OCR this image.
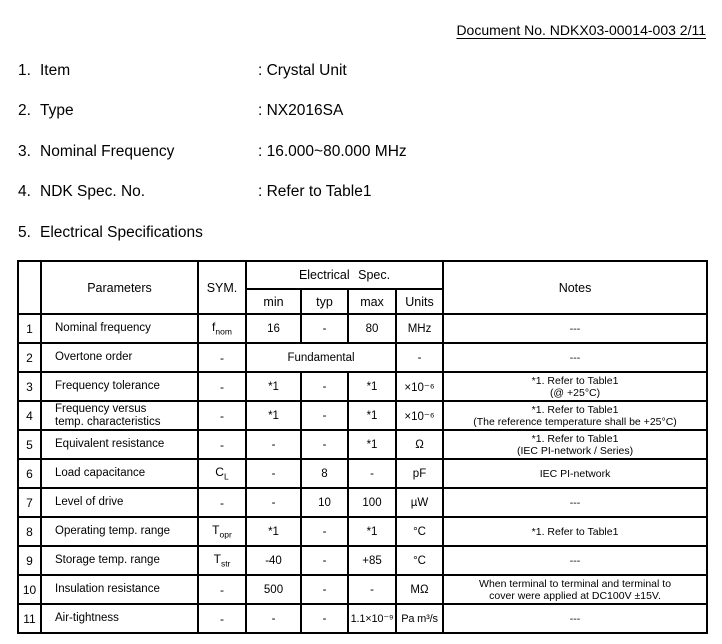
Document No. NDKX03-00014-003 2/11
1. Item	: Crystal Unit
2. Type	: NX2016SA
3. Nominal Frequency	: 16.000~80.000 MHz
4. NDK Spec. No.	: Refer to Table1
5. Electrical Specifications
	Parameters	SYM.	Electrical Spec.				Notes
			min	typ	max	Units	
1	Nominal frequency	$f_{nom}$	16	-	80	MHz	---

2	Overtone order	-	Fundamental			-	---

3	Frequency tolerance	-	*1	-	*1	×10⁻⁶	*1. Refer to Table1
(@ +25°C)

4	Frequency versus
temp. characteristics	-	*1	-	*1	×10⁻⁶	*1. Refer to Table1
(The reference temperature shall be +25°C)

5	Equivalent resistance	-	-	-	*1	Ω	*1. Refer to Table1
(IEC PI-network / Series)

6	Load capacitance	$C_L$	-	8	-	pF	IEC PI-network

7	Level of drive	-	-	10	100	µW	---

8	Operating temp. range	$T_{opr}$	*1	-	*1	°C	*1. Refer to Table1

9	Storage temp. range	$T_{str}$	-40	-	+85	°C	---

10	Insulation resistance	-	500	-	-	MΩ	When terminal to terminal and terminal to
cover were applied at DC100V ±15V.

11	Air-tightness	-	-	-	1.1×10⁻⁹	Pa m³/s	---
